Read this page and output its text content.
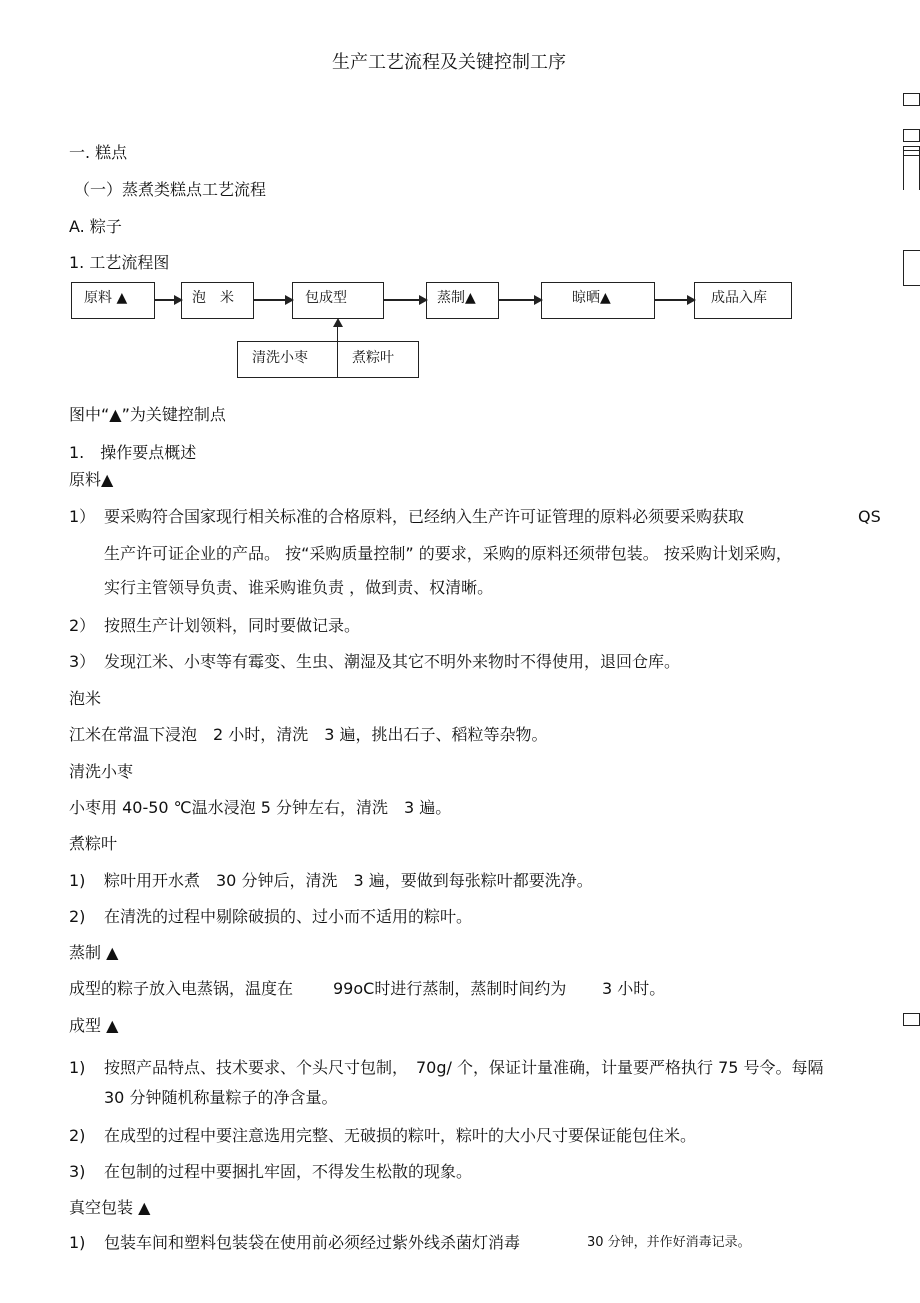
生产工艺流程及关键控制工序
一. 糕点
（一）蒸煮类糕点工艺流程
A. 粽子
1. 工艺流程图
原料 ▲	泡　米	包成型	蒸制▲	晾晒▲	成品入库
清洗小枣	煮粽叶
图中“▲”为关键控制点
1.　操作要点概述
原料▲
1） 要采购符合国家现行相关标准的合格原料，已经纳入生产许可证管理的原料必须要采购获取	QS
生产许可证企业的产品。 按“采购质量控制” 的要求，采购的原料还须带包装。 按采购计划采购，
实行主管领导负责、谁采购谁负责 ，做到责、权清晰。
2） 按照生产计划领料，同时要做记录。
3） 发现江米、小枣等有霉变、生虫、潮湿及其它不明外来物时不得使用，退回仓库。
泡米
江米在常温下浸泡　2 小时，清洗　3 遍，挑出石子、稻粒等杂物。
清洗小枣
小枣用 40-50 ℃温水浸泡 5 分钟左右，清洗　3 遍。
煮粽叶
1) 粽叶用开水煮　30 分钟后，清洗　3 遍，要做到每张粽叶都要洗净。
2) 在清洗的过程中剔除破损的、过小而不适用的粽叶。
蒸制 ▲
成型的粽子放入电蒸锅，温度在 99oC时进行蒸制，蒸制时间约为 3 小时。
成型 ▲
1) 按照产品特点、技术要求、个头尺寸包制，　70g/ 个，保证计量准确，计量要严格执行 75 号令。每隔
30 分钟随机称量粽子的净含量。
2) 在成型的过程中要注意选用完整、无破损的粽叶，粽叶的大小尺寸要保证能包住米。
3) 在包制的过程中要捆扎牢固，不得发生松散的现象。
真空包装 ▲
1) 包装车间和塑料包装袋在使用前必须经过紫外线杀菌灯消毒	30 分钟，并作好消毒记录。
